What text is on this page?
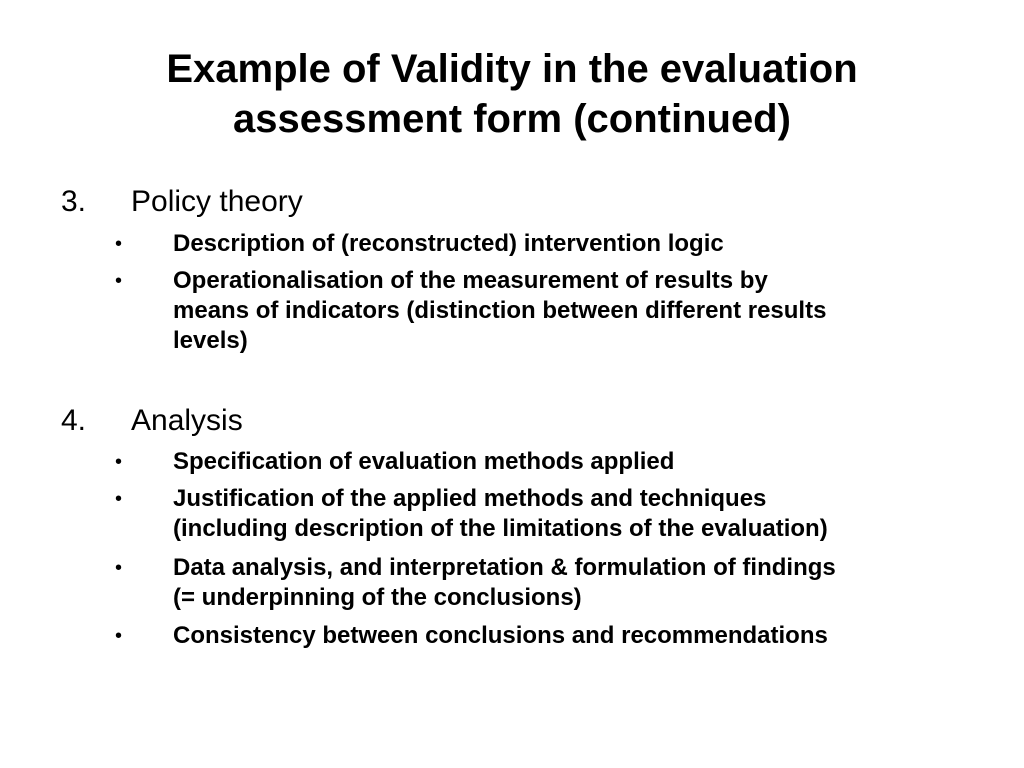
Example of Validity in the evaluation
assessment form (continued)
3. Policy theory
• Description of (reconstructed) intervention logic
• Operationalisation of the measurement of results by
means of indicators (distinction between different results
levels)
4. Analysis
• Specification of evaluation methods applied
• Justification of the applied methods and techniques
(including description of the limitations of the evaluation)
• Data analysis, and interpretation & formulation of findings
(= underpinning of the conclusions)
• Consistency between conclusions and recommendations
